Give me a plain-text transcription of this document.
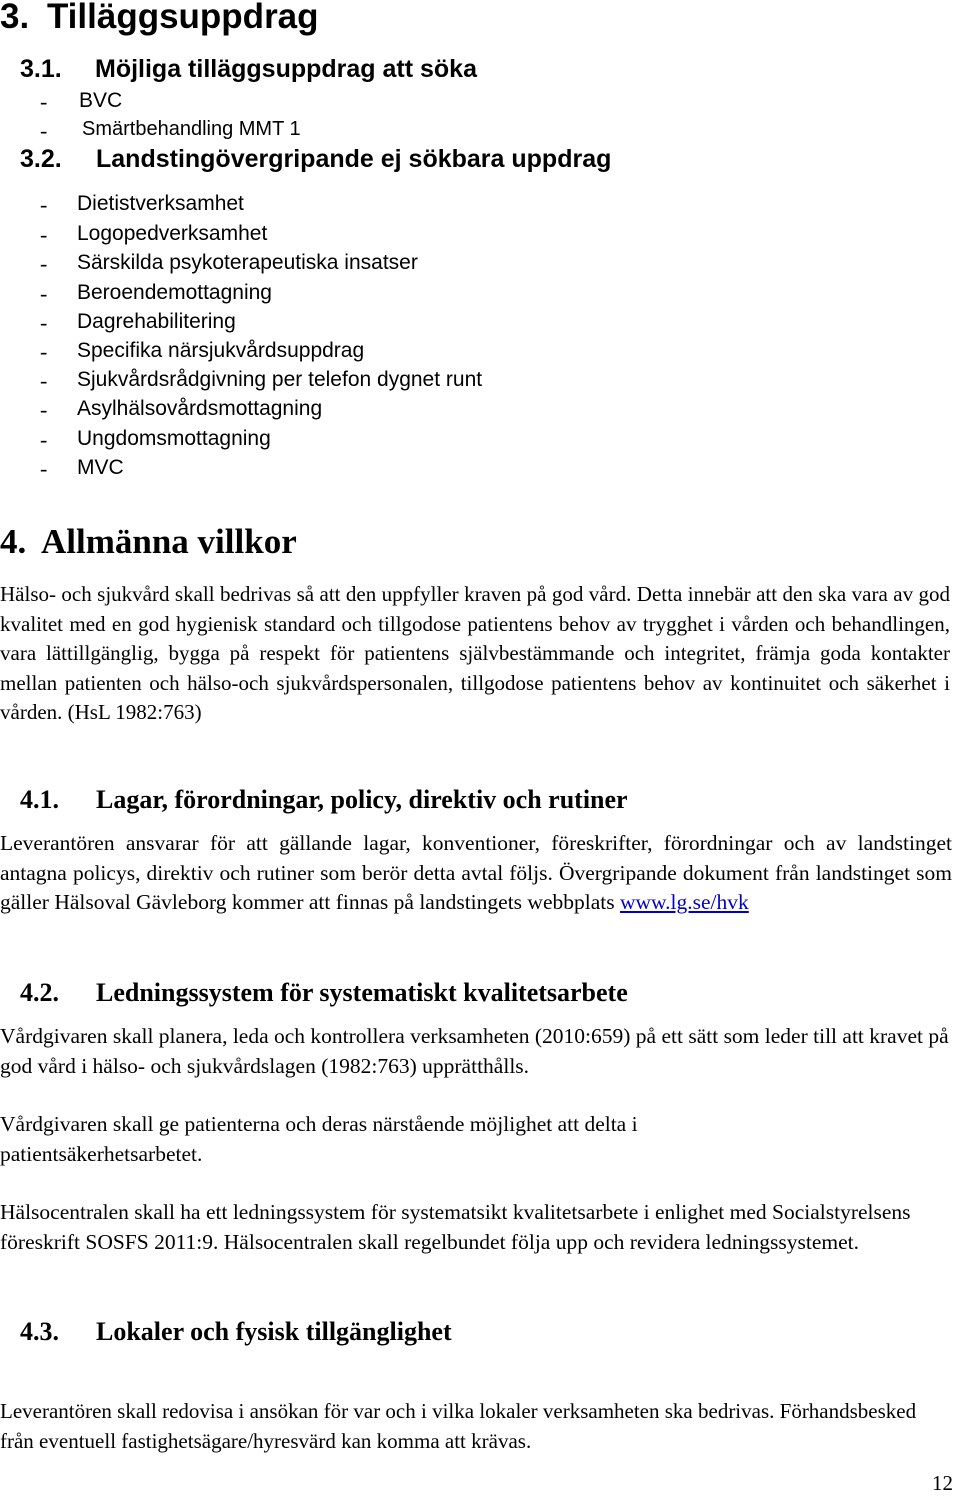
3. Tilläggsuppdrag
3.1. Möjliga tilläggsuppdrag att söka
- BVC
- Smärtbehandling MMT 1
3.2. Landstingövergripande ej sökbara uppdrag
- Dietistverksamhet
- Logopedverksamhet
- Särskilda psykoterapeutiska insatser
- Beroendemottagning
- Dagrehabilitering
- Specifika närsjukvårdsuppdrag
- Sjukvårdsrådgivning per telefon dygnet runt
- Asylhälsovårdsmottagning
- Ungdomsmottagning
- MVC
4. Allmänna villkor

Hälso- och sjukvård skall bedrivas så att den uppfyller kraven på god vård. Detta innebär att den ska vara av god kvalitet med en god hygienisk standard och tillgodose patientens behov av trygghet i vården och behandlingen, vara lättillgänglig, bygga på respekt för patientens självbestämmande och integritet, främja goda kontakter mellan patienten och hälso-och sjukvårdspersonalen, tillgodose patientens behov av kontinuitet och säkerhet i vården. (HsL 1982:763)

4.1. Lagar, förordningar, policy, direktiv och rutiner

Leverantören ansvarar för att gällande lagar, konventioner, föreskrifter, förordningar och av landstinget antagna policys, direktiv och rutiner som berör detta avtal följs. Övergripande dokument från landstinget som gäller Hälsoval Gävleborg kommer att finnas på landstingets webbplats www.lg.se/hvk

4.2. Ledningssystem för systematiskt kvalitetsarbete

Vårdgivaren skall planera, leda och kontrollera verksamheten (2010:659) på ett sätt som leder till att kravet på god vård i hälso- och sjukvårdslagen (1982:763) upprätthålls.

Vårdgivaren skall ge patienterna och deras närstående möjlighet att delta i patientsäkerhetsarbetet.

Hälsocentralen skall ha ett ledningssystem för systematsikt kvalitetsarbete i enlighet med Socialstyrelsens föreskrift SOSFS 2011:9. Hälsocentralen skall regelbundet följa upp och revidera ledningssystemet.

4.3. Lokaler och fysisk tillgänglighet

Leverantören skall redovisa i ansökan för var och i vilka lokaler verksamheten ska bedrivas. Förhandsbesked från eventuell fastighetsägare/hyresvärd kan komma att krävas.

12
